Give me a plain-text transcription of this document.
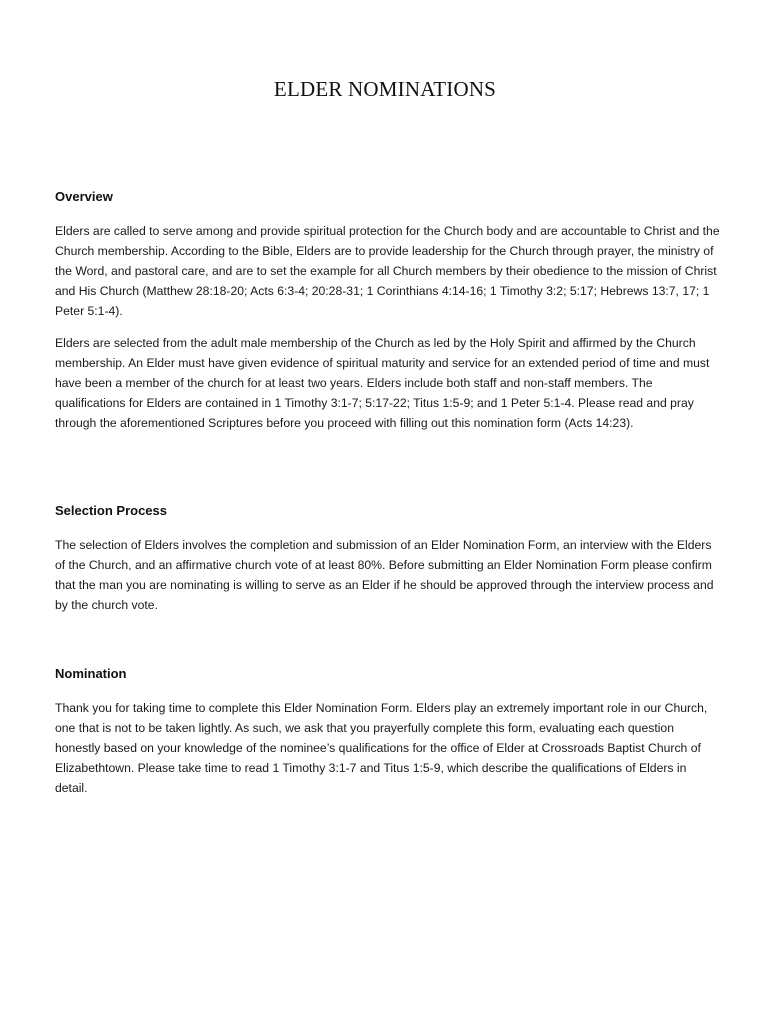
ELDER NOMINATIONS

Overview

Elders are called to serve among and provide spiritual protection for the Church body and are accountable to Christ and the Church membership. According to the Bible, Elders are to provide leadership for the Church through prayer, the ministry of the Word, and pastoral care, and are to set the example for all Church members by their obedience to the mission of Christ and His Church (Matthew 28:18-20; Acts 6:3-4; 20:28-31; 1 Corinthians 4:14-16; 1 Timothy 3:2; 5:17; Hebrews 13:7, 17; 1 Peter 5:1-4).

Elders are selected from the adult male membership of the Church as led by the Holy Spirit and affirmed by the Church membership. An Elder must have given evidence of spiritual maturity and service for an extended period of time and must have been a member of the church for at least two years. Elders include both staff and non-staff members. The qualifications for Elders are contained in 1 Timothy 3:1-7; 5:17-22; Titus 1:5-9; and 1 Peter 5:1-4. Please read and pray through the aforementioned Scriptures before you proceed with filling out this nomination form (Acts 14:23).

Selection Process

The selection of Elders involves the completion and submission of an Elder Nomination Form, an interview with the Elders of the Church, and an affirmative church vote of at least 80%. Before submitting an Elder Nomination Form please confirm that the man you are nominating is willing to serve as an Elder if he should be approved through the interview process and by the church vote.

Nomination

Thank you for taking time to complete this Elder Nomination Form. Elders play an extremely important role in our Church, one that is not to be taken lightly. As such, we ask that you prayerfully complete this form, evaluating each question honestly based on your knowledge of the nominee’s qualifications for the office of Elder at Crossroads Baptist Church of Elizabethtown. Please take time to read 1 Timothy 3:1-7 and Titus 1:5-9, which describe the qualifications of Elders in detail.
